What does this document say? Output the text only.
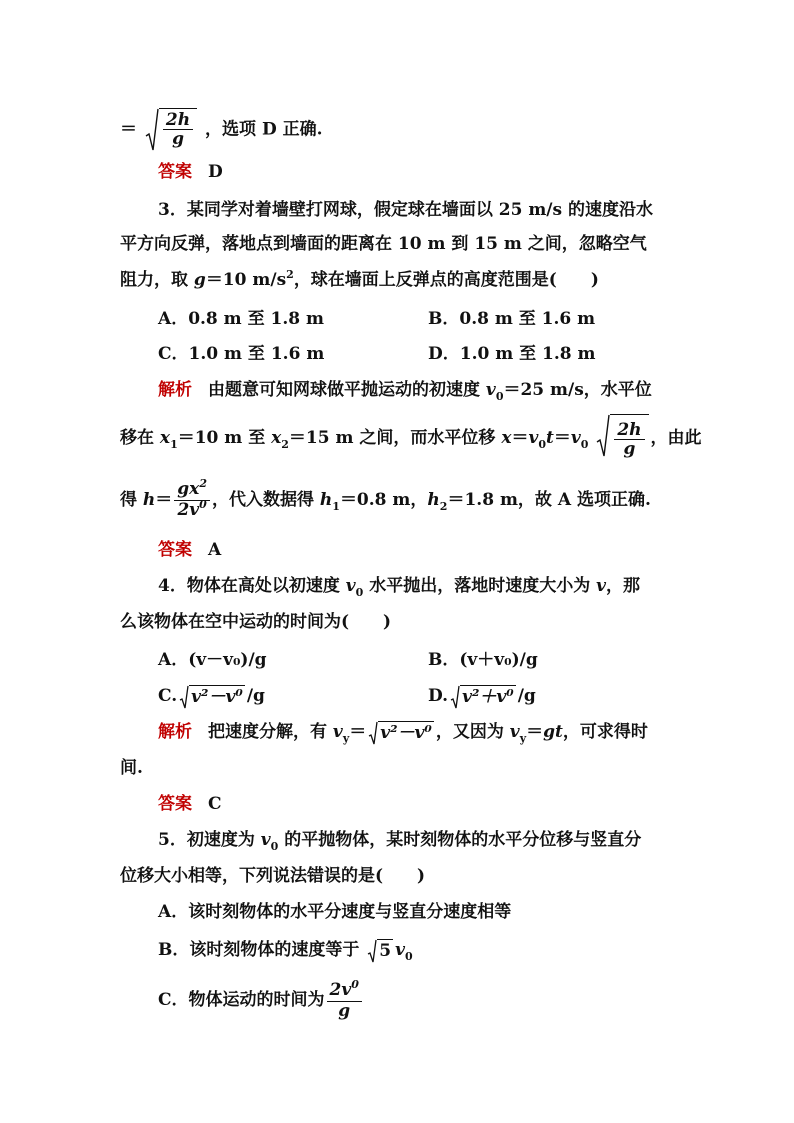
＝ $\frac{2h}{g}$ ，选项 D 正确.
答案 D
3．某同学对着墙壁打网球，假定球在墙面以 25 m/s 的速度沿水
平方向反弹，落地点到墙面的距离在 10 m 到 15 m 之间，忽略空气
阻力，取 g＝10 $m/s^2$，球在墙面上反弹点的高度范围是(　　)
A．0.8 m 至 1.8 m	B．0.8 m 至 1.6 m
C．1.0 m 至 1.6 m	D．1.0 m 至 1.8 m
解析 由题意可知网球做平抛运动的初速度 $v_0=25$ m/s，水平位
移在 $x_1=10$ m 至 $x_2=15$ m 之间，而水平位移 $x=v_0t=v_0 \frac{2h}{g}$ ，由此
得 $h= \frac{gx^2}{2v^0}$ ，代入数据得 $h_1=0.8$ m，$h_2=1.8$ m，故 A 选项正确.
答案 A
4．物体在高处以初速度 $v_0$ 水平抛出，落地时速度大小为 v，那
么该物体在空中运动的时间为(　　)
A．(v－v₀)/g	B．(v＋v₀)/g
C. v²－v⁰ /g	D. v²＋v⁰ /g
解析 把速度分解，有 $v_y= v^2-v^0$ ，又因为 $v_y=gt$，可求得时
间.
答案 C
5．初速度为 $v_0$ 的平抛物体，某时刻物体的水平分位移与竖直分
位移大小相等，下列说法错误的是(　　)
A．该时刻物体的水平分速度与竖直分速度相等
B．该时刻物体的速度等于 5 $v_0$
C．物体运动的时间为 $\frac{2v^0}{g}$
